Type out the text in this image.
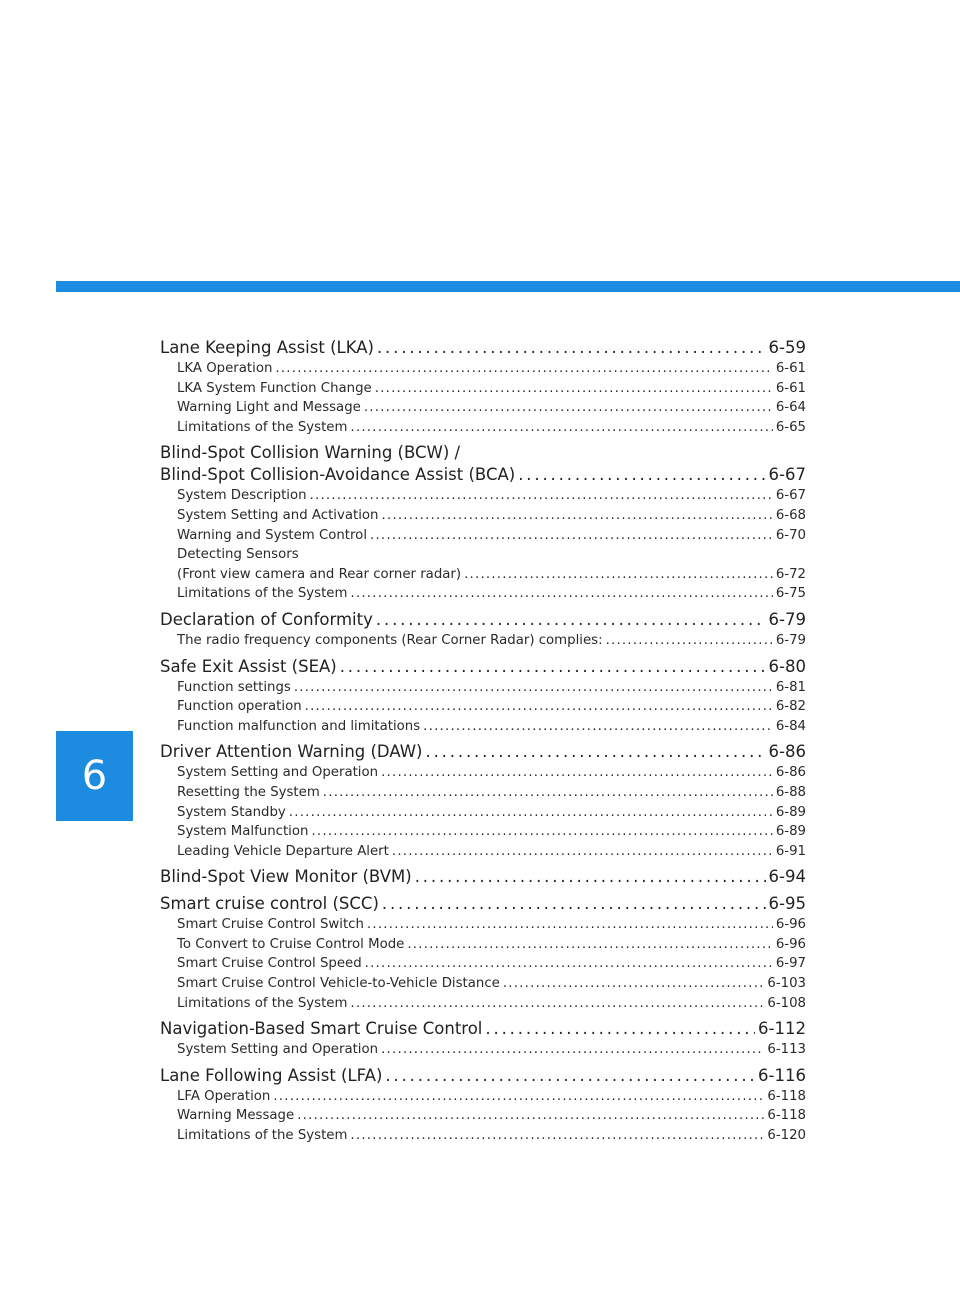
6
Lane Keeping Assist (LKA) . . .	6-59
LKA Operation . . .	6-61
LKA System Function Change . . .	6-61
Warning Light and Message . . .	6-64
Limitations of the System . . .	6-65
Blind-Spot Collision Warning (BCW) /
Blind-Spot Collision-Avoidance Assist (BCA) . . .	6-67
System Description . . .	6-67
System Setting and Activation . . .	6-68
Warning and System Control . . .	6-70
Detecting Sensors
(Front view camera and Rear corner radar) . . .	6-72
Limitations of the System . . .	6-75
Declaration of Conformity . . .	6-79
The radio frequency components (Rear Corner Radar) complies: . . .	6-79
Safe Exit Assist (SEA) . . .	6-80
Function settings . . .	6-81
Function operation . . .	6-82
Function malfunction and limitations . . .	6-84
Driver Attention Warning (DAW) . . .	6-86
System Setting and Operation . . .	6-86
Resetting the System . . .	6-88
System Standby . . .	6-89
System Malfunction . . .	6-89
Leading Vehicle Departure Alert . . .	6-91
Blind-Spot View Monitor (BVM) . . .	6-94
Smart cruise control (SCC) . . .	6-95
Smart Cruise Control Switch . . .	6-96
To Convert to Cruise Control Mode . . .	6-96
Smart Cruise Control Speed . . .	6-97
Smart Cruise Control Vehicle-to-Vehicle Distance . . .	6-103
Limitations of the System . . .	6-108
Navigation-Based Smart Cruise Control . . .	6-112
System Setting and Operation . . .	6-113
Lane Following Assist (LFA) . . .	6-116
LFA Operation . . .	6-118
Warning Message . . .	6-118
Limitations of the System . . .	6-120
